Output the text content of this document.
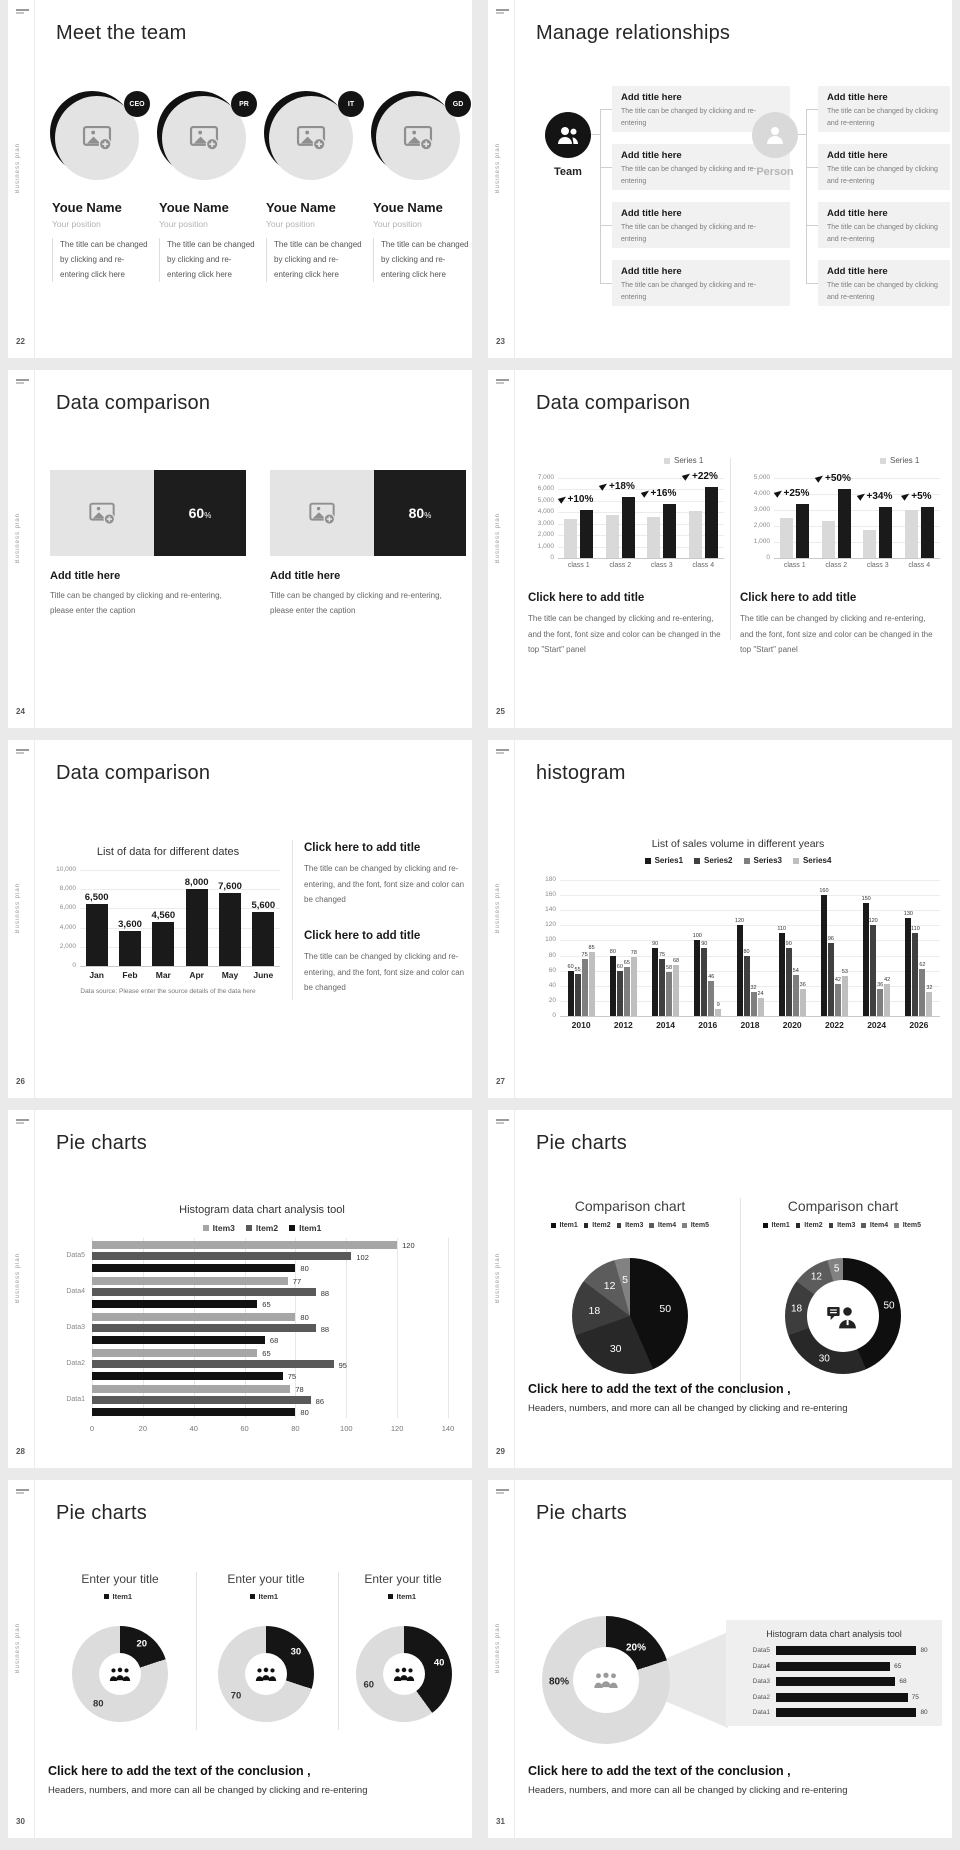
Business plan
22
Meet the team
CEO
Youe Name
Your position
The title can be changed by clicking and re-entering click here
PR
Youe Name
Your position
The title can be changed by clicking and re-entering click here
IT
Youe Name
Your position
The title can be changed by clicking and re-entering click here
GD
Youe Name
Your position
The title can be changed by clicking and re-entering click here
Business plan
23
Manage relationships
Team
Add title here
The title can be changed by clicking and re-entering
Add title here
The title can be changed by clicking and re-entering
Add title here
The title can be changed by clicking and re-entering
Add title here
The title can be changed by clicking and re-entering
Person
Add title here
The title can be changed by clicking and re-entering
Add title here
The title can be changed by clicking and re-entering
Add title here
The title can be changed by clicking and re-entering
Add title here
The title can be changed by clicking and re-entering
Business plan
24
Data comparison
60 %
Add title here
Title can be changed by clicking and re-entering, please enter the caption
80 %
Add title here
Title can be changed by clicking and re-entering, please enter the caption
Business plan
25
Data comparison
Series 1
0
1,000
2,000
3,000
4,000
5,000
6,000
7,000
class 1
+10%
class 2
+18%
class 3
+16%
class 4
+22%
Series 1
0
1,000
2,000
3,000
4,000
5,000
class 1
+25%
class 2
+50%
class 3
+34%
class 4
+5%
Click here to add title
The title can be changed by clicking and re-entering, and the font, font size and color can be changed in the top "Start" panel
Click here to add title
The title can be changed by clicking and re-entering, and the font, font size and color can be changed in the top "Start" panel
Business plan
26
Data comparison
List of data for different dates
0
2,000
4,000
6,000
8,000
10,000
6,500
Jan
3,600
Feb
4,560
Mar
8,000
Apr
7,600
May
5,600
June
Data source: Please enter the source details of the data here
Click here to add title
The title can be changed by clicking and re-entering, and the font, font size and color can be changed
Click here to add title
The title can be changed by clicking and re-entering, and the font, font size and color can be changed
Business plan
27
histogram
List of sales volume in different years
Series1	Series2	Series3	Series4
0
20
40
60
80
100
120
140
160
180
60
55
75
85
2010
80
60
65
78
2012
90
75
58
68
2014
100
90
46
9
2016
120
80
32
24
2018
110
90
54
36
2020
160
96
42
53
2022
150
120
36
42
2024
130
110
62
32
2026
Business plan
28
Pie charts
Histogram data chart analysis tool
Item3 Item2 Item1
0	20	40	60	80	100	120	140
120
102
80
Data5
77
88
65
Data4
80
88
68
Data3
65
95
75
Data2
78
86
80
Data1
Business plan
29
Pie charts
Comparison chart
Item1 Item2 Item3 Item4 Item5
50
30
18
12 5
Comparison chart
Item1 Item2 Item3 Item4 Item5
50
30
18
12
5
Click here to add the text of the conclusion ,
Headers, numbers, and more can all be changed by clicking and re-entering
Business plan
30
Pie charts
Enter your title
Item1
20
80
Enter your title
Item1
30
70
Enter your title
Item1
40
60
Click here to add the text of the conclusion ,
Headers, numbers, and more can all be changed by clicking and re-entering
Business plan
31
Pie charts
20%
80%
Histogram data chart analysis tool
Data5	80
Data4	65
Data3	68
Data2	75
Data1	80
Click here to add the text of the conclusion ,
Headers, numbers, and more can all be changed by clicking and re-entering
